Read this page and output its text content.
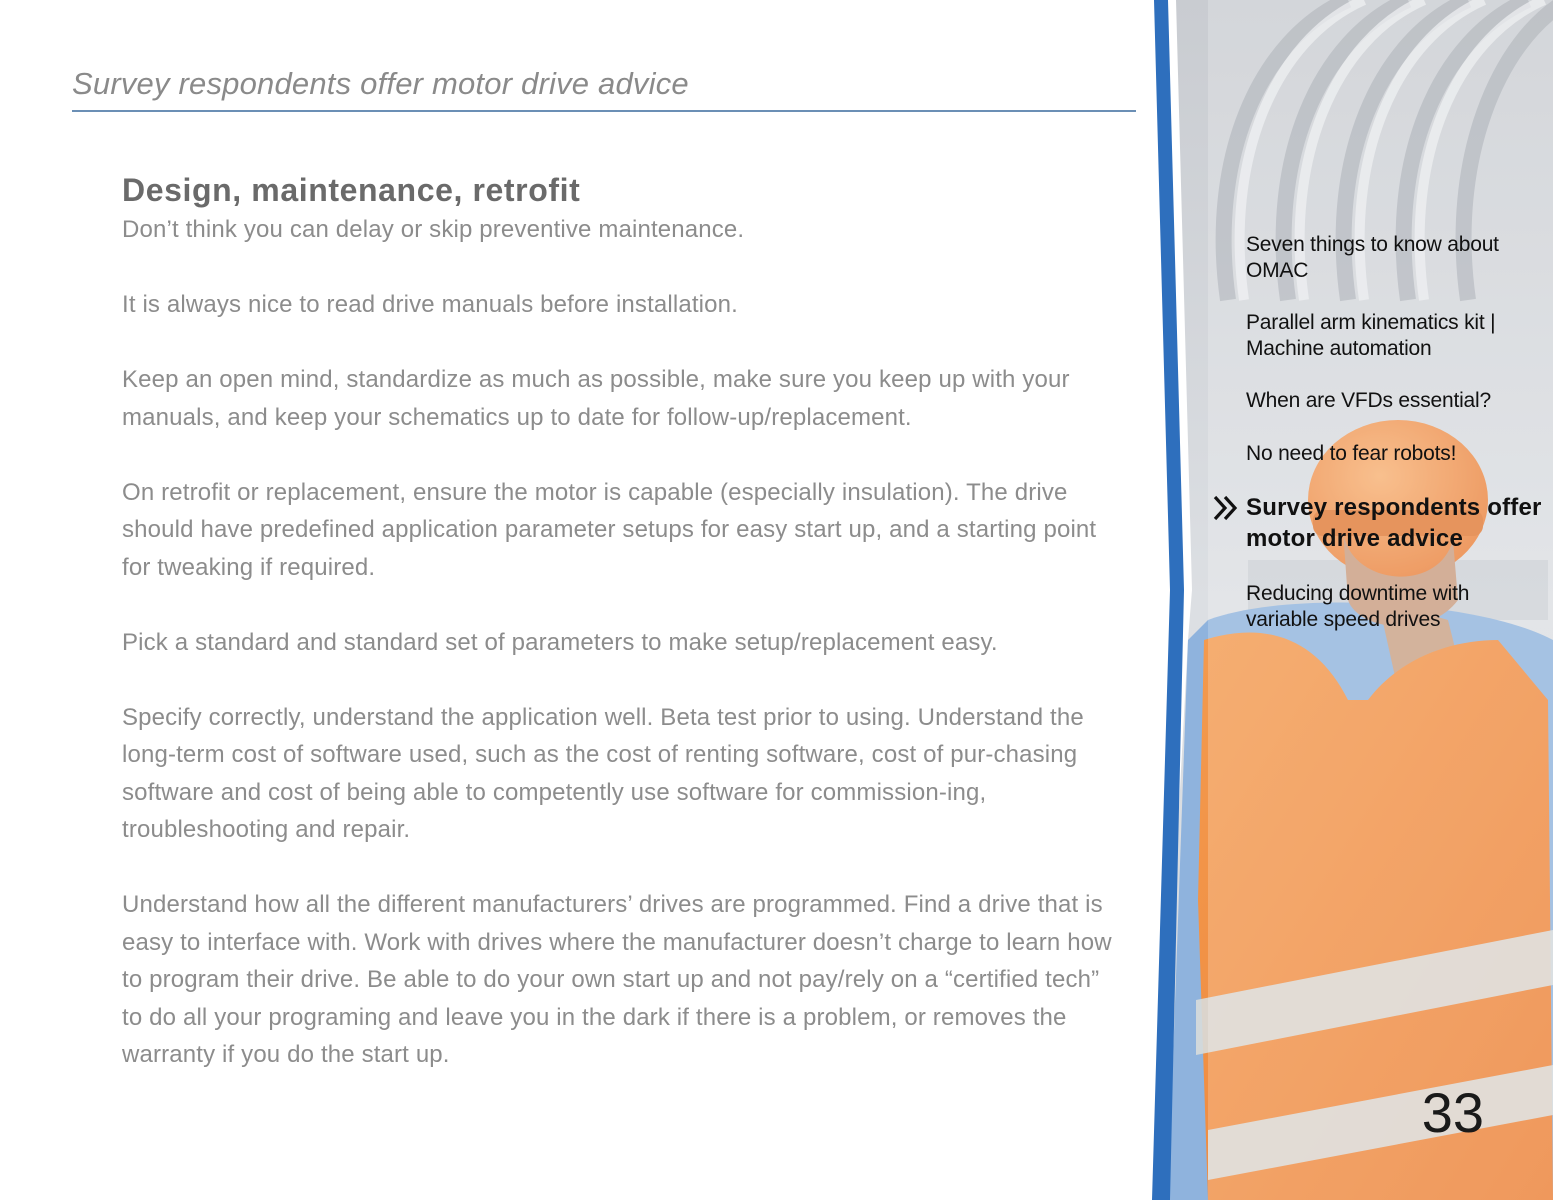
Survey respondents offer motor drive advice
Design, maintenance, retrofit

Don’t think you can delay or skip preventive maintenance.

It is always nice to read drive manuals before installation.

Keep an open mind, standardize as much as possible, make sure you keep up with your manuals, and keep your schematics up to date for follow-up/replacement.

On retrofit or replacement, ensure the motor is capable (especially insulation). The drive should have predefined application parameter setups for easy start up, and a starting point for tweaking if required.

Pick a standard and standard set of parameters to make setup/replacement easy.

Specify correctly, understand the application well. Beta test prior to using. Understand the long-term cost of software used, such as the cost of renting software, cost of pur-chasing software and cost of being able to competently use software for commission-ing, troubleshooting and repair.

Understand how all the different manufacturers’ drives are programmed. Find a drive that is easy to interface with. Work with drives where the manufacturer doesn’t charge to learn how to program their drive. Be able to do your own start up and not pay/rely on a “certified tech” to do all your programing and leave you in the dark if there is a problem, or removes the warranty if you do the start up.

Seven things to know about OMAC
Parallel arm kinematics kit | Machine automation
When are VFDs essential?
No need to fear robots!
Survey respondents offer motor drive advice
Reducing downtime with variable speed drives
33
